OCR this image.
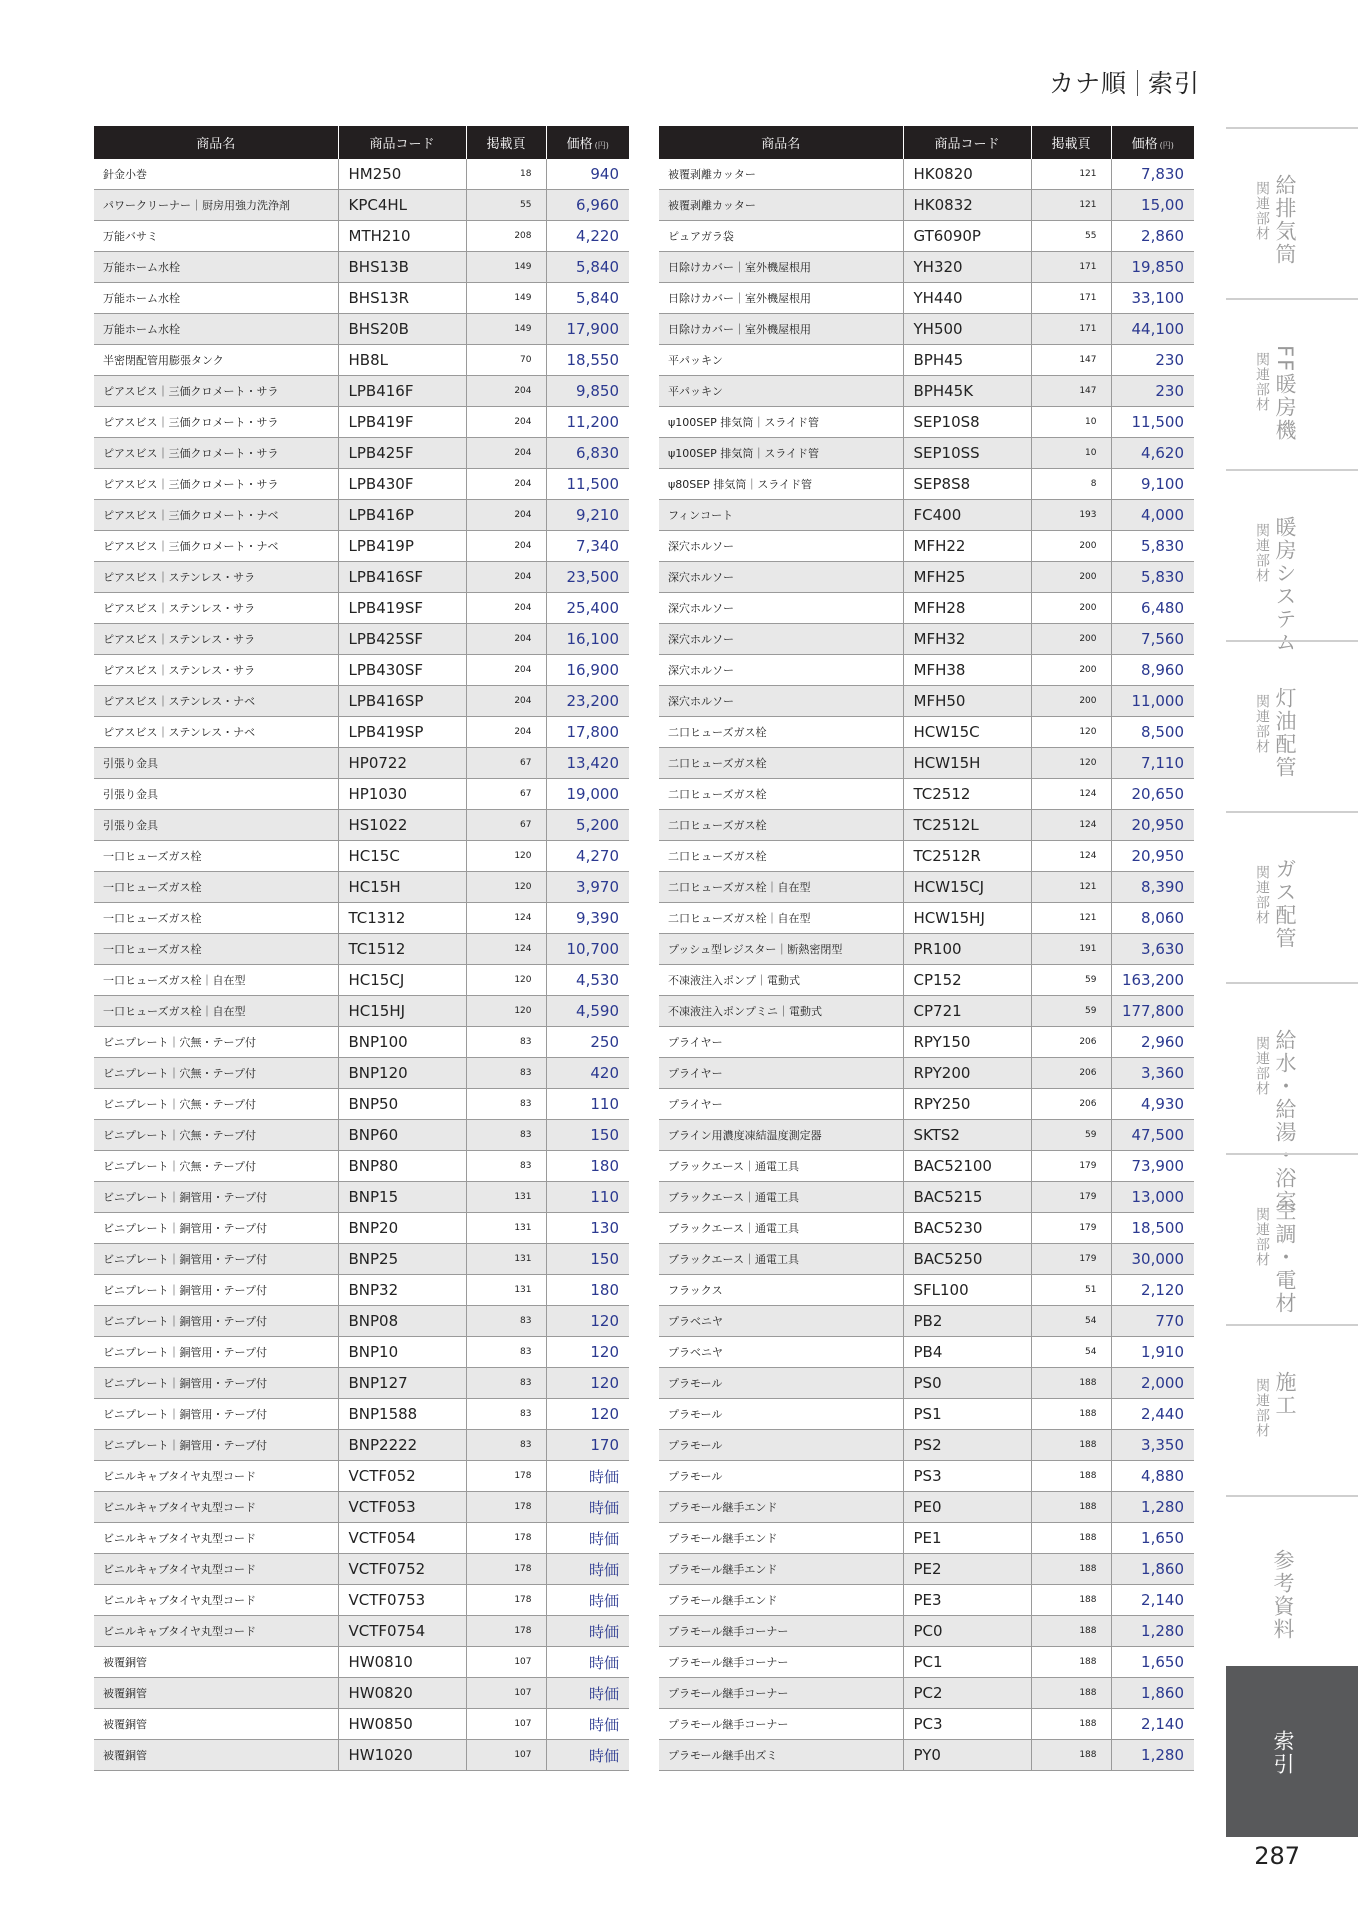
カナ順 索引
商品名	商品コード	掲載頁	価格 (円)
針金小巻	HM250	18	940
パワークリーナー｜厨房用強力洗浄剤	KPC4HL	55	6,960
万能バサミ	MTH210	208	4,220
万能ホーム水栓	BHS13B	149	5,840
万能ホーム水栓	BHS13R	149	5,840
万能ホーム水栓	BHS20B	149	17,900
半密閉配管用膨張タンク	HB8L	70	18,550
ピアスビス｜三価クロメート・サラ	LPB416F	204	9,850
ピアスビス｜三価クロメート・サラ	LPB419F	204	11,200
ピアスビス｜三価クロメート・サラ	LPB425F	204	6,830
ピアスビス｜三価クロメート・サラ	LPB430F	204	11,500
ピアスビス｜三価クロメート・ナベ	LPB416P	204	9,210
ピアスビス｜三価クロメート・ナベ	LPB419P	204	7,340
ピアスビス｜ステンレス・サラ	LPB416SF	204	23,500
ピアスビス｜ステンレス・サラ	LPB419SF	204	25,400
ピアスビス｜ステンレス・サラ	LPB425SF	204	16,100
ピアスビス｜ステンレス・サラ	LPB430SF	204	16,900
ピアスビス｜ステンレス・ナベ	LPB416SP	204	23,200
ピアスビス｜ステンレス・ナベ	LPB419SP	204	17,800
引張り金具	HP0722	67	13,420
引張り金具	HP1030	67	19,000
引張り金具	HS1022	67	5,200
一口ヒューズガス栓	HC15C	120	4,270
一口ヒューズガス栓	HC15H	120	3,970
一口ヒューズガス栓	TC1312	124	9,390
一口ヒューズガス栓	TC1512	124	10,700
一口ヒューズガス栓｜自在型	HC15CJ	120	4,530
一口ヒューズガス栓｜自在型	HC15HJ	120	4,590
ビニプレート｜穴無・テープ付	BNP100	83	250
ビニプレート｜穴無・テープ付	BNP120	83	420
ビニプレート｜穴無・テープ付	BNP50	83	110
ビニプレート｜穴無・テープ付	BNP60	83	150
ビニプレート｜穴無・テープ付	BNP80	83	180
ビニプレート｜銅管用・テープ付	BNP15	131	110
ビニプレート｜銅管用・テープ付	BNP20	131	130
ビニプレート｜銅管用・テープ付	BNP25	131	150
ビニプレート｜銅管用・テープ付	BNP32	131	180
ビニプレート｜銅管用・テープ付	BNP08	83	120
ビニプレート｜銅管用・テープ付	BNP10	83	120
ビニプレート｜銅管用・テープ付	BNP127	83	120
ビニプレート｜銅管用・テープ付	BNP1588	83	120
ビニプレート｜銅管用・テープ付	BNP2222	83	170
ビニルキャブタイヤ丸型コード	VCTF052	178	時価
ビニルキャブタイヤ丸型コード	VCTF053	178	時価
ビニルキャブタイヤ丸型コード	VCTF054	178	時価
ビニルキャブタイヤ丸型コード	VCTF0752	178	時価
ビニルキャブタイヤ丸型コード	VCTF0753	178	時価
ビニルキャブタイヤ丸型コード	VCTF0754	178	時価
被覆銅管	HW0810	107	時価
被覆銅管	HW0820	107	時価
被覆銅管	HW0850	107	時価
被覆銅管	HW1020	107	時価
商品名	商品コード	掲載頁	価格 (円)
被覆剥離カッター	HK0820	121	7,830
被覆剥離カッター	HK0832	121	15,00
ピュアガラ袋	GT6090P	55	2,860
日除けカバー｜室外機屋根用	YH320	171	19,850
日除けカバー｜室外機屋根用	YH440	171	33,100
日除けカバー｜室外機屋根用	YH500	171	44,100
平パッキン	BPH45	147	230
平パッキン	BPH45K	147	230
ψ100SEP 排気筒｜スライド管	SEP10S8	10	11,500
ψ100SEP 排気筒｜スライド管	SEP10SS	10	4,620
ψ80SEP 排気筒｜スライド管	SEP8S8	8	9,100
フィンコート	FC400	193	4,000
深穴ホルソー	MFH22	200	5,830
深穴ホルソー	MFH25	200	5,830
深穴ホルソー	MFH28	200	6,480
深穴ホルソー	MFH32	200	7,560
深穴ホルソー	MFH38	200	8,960
深穴ホルソー	MFH50	200	11,000
二口ヒューズガス栓	HCW15C	120	8,500
二口ヒューズガス栓	HCW15H	120	7,110
二口ヒューズガス栓	TC2512	124	20,650
二口ヒューズガス栓	TC2512L	124	20,950
二口ヒューズガス栓	TC2512R	124	20,950
二口ヒューズガス栓｜自在型	HCW15CJ	121	8,390
二口ヒューズガス栓｜自在型	HCW15HJ	121	8,060
プッシュ型レジスター｜断熱密閉型	PR100	191	3,630
不凍液注入ポンプ｜電動式	CP152	59	163,200
不凍液注入ポンプミニ｜電動式	CP721	59	177,800
プライヤー	RPY150	206	2,960
プライヤー	RPY200	206	3,360
プライヤー	RPY250	206	4,930
ブライン用濃度凍結温度測定器	SKTS2	59	47,500
ブラックエース｜通電工具	BAC52100	179	73,900
ブラックエース｜通電工具	BAC5215	179	13,000
ブラックエース｜通電工具	BAC5230	179	18,500
ブラックエース｜通電工具	BAC5250	179	30,000
フラックス	SFL100	51	2,120
プラベニヤ	PB2	54	770
プラベニヤ	PB4	54	1,910
プラモール	PS0	188	2,000
プラモール	PS1	188	2,440
プラモール	PS2	188	3,350
プラモール	PS3	188	4,880
プラモール継手エンド	PE0	188	1,280
プラモール継手エンド	PE1	188	1,650
プラモール継手エンド	PE2	188	1,860
プラモール継手エンド	PE3	188	2,140
プラモール継手コーナー	PC0	188	1,280
プラモール継手コーナー	PC1	188	1,650
プラモール継手コーナー	PC2	188	1,860
プラモール継手コーナー	PC3	188	2,140
プラモール継手出ズミ	PY0	188	1,280
関連部材 給排気筒
関連部材 FF暖房機
関連部材 暖房システム
関連部材 灯油配管
関連部材 ガス配管
関連部材 給水・給湯・浴室
関連部材 空調・電材
関連部材 施工
参考資料
索引
287
